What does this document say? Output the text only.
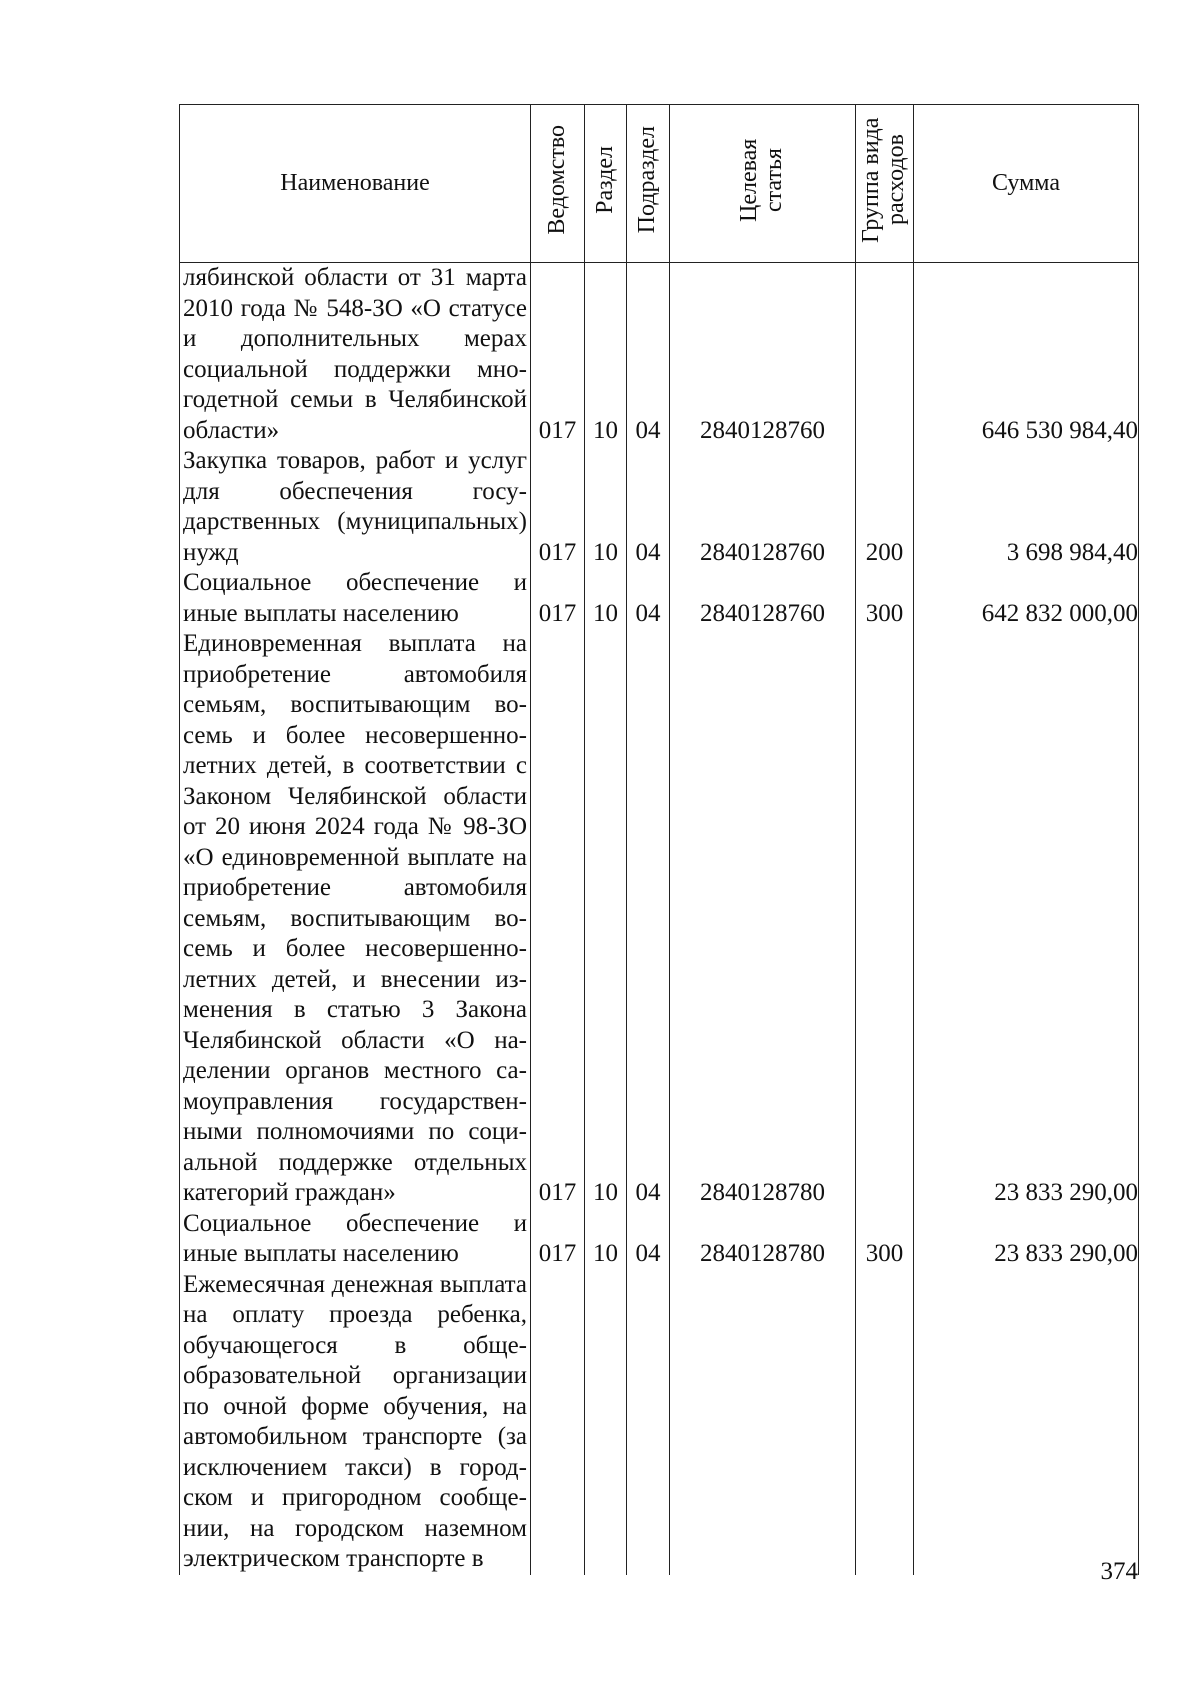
Наименование	Ведомство	Раздел	Подраздел	Целевая статья	Группа вида расходов	Сумма
лябинской области от 31 марта 2010 года № 548-ЗО «О статусе и дополнительных мерах социальной поддержки многодетной семьи в Челябинской области»	017	10	04	2840128760		646 530 984,40
Закупка товаров, работ и услуг для обеспечения государственных (муниципальных) нужд	017	10	04	2840128760	200	3 698 984,40
Социальное обеспечение и иные выплаты населению	017	10	04	2840128760	300	642 832 000,00
Единовременная выплата на приобретение автомобиля семьям, воспитывающим восемь и более несовершеннолетних детей, в соответствии с Законом Челябинской области от 20 июня 2024 года № 98-ЗО «О единовременной выплате на приобретение автомобиля семьям, воспитывающим восемь и более несовершеннолетних детей, и внесении изменения в статью 3 Закона Челябинской области «О наделении органов местного самоуправления государственными полномочиями по социальной поддержке отдельных категорий граждан»	017	10	04	2840128780		23 833 290,00
Социальное обеспечение и иные выплаты населению	017	10	04	2840128780	300	23 833 290,00
Ежемесячная денежная выплата на оплату проезда ребенка, обучающегося в общеобразовательной организации по очной форме обучения, на автомобильном транспорте (за исключением такси) в городском и пригородном сообщении, на городском наземном электрическом транспорте в							374
